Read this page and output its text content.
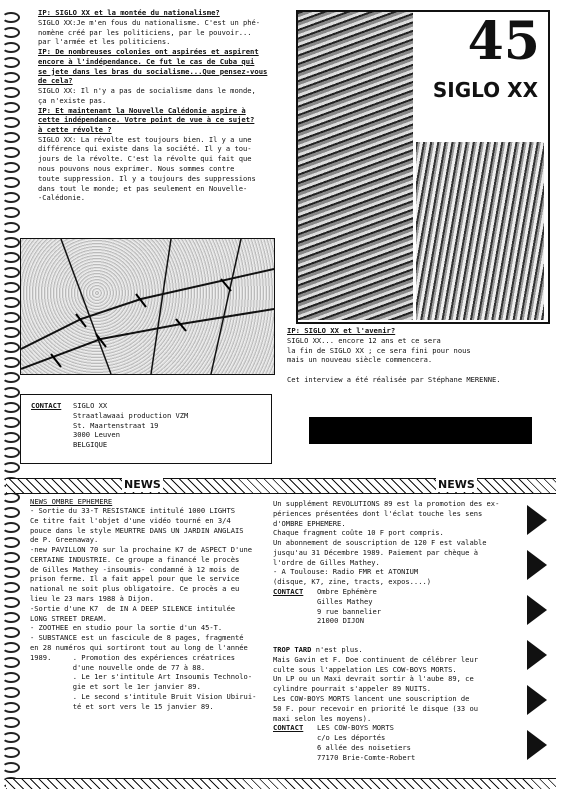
IP: SIGLO XX et la montée du nationalisme?
SIGLO XX:Je m'en fous du nationalisme. C'est un phé-
nomène créé par les politiciens, par le pouvoir...
par l'armée et les politiciens.
IP: De nombreuses colonies ont aspirées et aspirent
encore à l'indépendance. Ce fut le cas de Cuba qui
se jete dans les bras du socialisme...Que pensez-vous
de cela?
SIGLO XX: Il n'y a pas de socialisme dans le monde,
ça n'existe pas.
IP: Et maintenant la Nouvelle Calédonie aspire à
cette indépendance. Votre point de vue à ce sujet?
à cette révolte ?
SIGLO XX: La révolte est toujours bien. Il y a une
différence qui existe dans la société. Il y a tou-
jours de la révolte. C'est la révolte qui fait que
nous pouvons nous exprimer. Nous sommes contre
toute suppression. Il y a toujours des suppressions
dans tout le monde; et pas seulement en Nouvelle-
-Calédonie.
45
SIGLO XX
IP: SIGLO XX et l'avenir?
SIGLO XX... encore 12 ans et ce sera
la fin de SIGLO XX ; ce sera fini pour nous
mais un nouveau siècle commencera.
Cet interview a été réalisée par Stéphane MERENNE.
CONTACT SIGLO XX
Straatlawaai production VZM
St. Maartenstraat 19
3000 Leuven
BELGIQUE
NEWS	NEWS
NEWS OMBRE EPHEMERE
- Sortie du 33-T RESISTANCE intitulé 1000 LIGHTS
Ce titre fait l'objet d'une vidéo tourné en 3/4
pouce dans le style MEURTRE DANS UN JARDIN ANGLAIS
de P. Greenaway.
-new PAVILLON 70 sur la prochaine K7 de ASPECT D'une
CERTAINE INDUSTRIE. Ce groupe a financé le procès
de Gilles Mathey -insoumis- condamné à 12 mois de
prison ferme. Il a fait appel pour que le service
national ne soit plus obligatoire. Ce procès a eu
lieu le 23 mars 1988 à Dijon.
-Sortie d'une K7  de IN A DEEP SILENCE intitulée
LONG STREET DREAM.
- ZOOTHEE en studio pour la sortie d'un 45-T.
- SUBSTANCE est un fascicule de 8 pages, fragmenté
en 28 numéros qui sortiront tout au long de l'année
1989.     . Promotion des expériences créatrices
d'une nouvelle onde de 77 à 88.
. Le 1er s'intitule Art Insoumis Technolo-
gie et sort le 1er janvier 89.
. Le second s'intitule Bruit Vision Ubirui-
té et sort vers le 15 janvier 89.
Un supplément REVOLUTIONS 89 est la promotion des ex-
périences présentées dont l'éclat touche les sens
d'OMBRE EPHEMERE.
Chaque fragment coûte 10 F port compris.
Un abonnement de souscription de 120 F est valable
jusqu'au 31 Décembre 1989. Paiement par chèque à
l'ordre de Gilles Mathey.
- A Toulouse: Radio FMR et ATONIUM
(disque, K7, zine, tracts, expos....)
CONTACT Ombre Ephémère
Gilles Mathey
9 rue bannelier
21000 DIJON
TROP TARD n'est plus.
Mais Gavin et F. Doe continuent de célébrer leur
culte sous l'appelation LES COW-BOYS MORTS.
Un LP ou un Maxi devrait sortir à l'aube 89, ce
cylindre pourrait s'appeler 89 NUITS.
Les COW-BOYS MORTS lancent une souscription de
50 F. pour recevoir en priorité le disque (33 ou
maxi selon les moyens).
CONTACT LES COW-BOYS MORTS
c/o Les déportés
6 allée des noisetiers
77170 Brie-Comte-Robert
